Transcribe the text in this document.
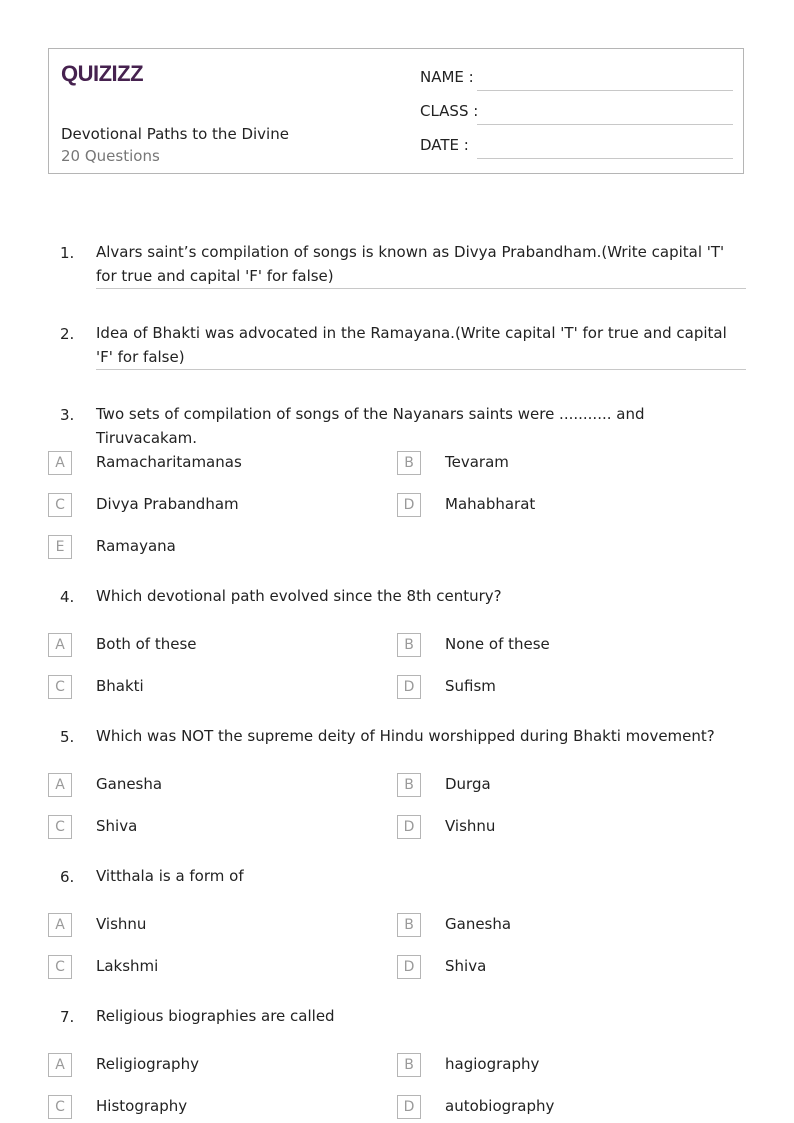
QUIZIZZ
Devotional Paths to the Divine
20 Questions
NAME :
CLASS :
DATE :
1. Alvars saint’s compilation of songs is known as Divya Prabandham.(Write capital 'T' for true and capital 'F' for false)
2. Idea of Bhakti was advocated in the Ramayana.(Write capital 'T' for true and capital 'F' for false)
3. Two sets of compilation of songs of the Nayanars saints were ........... and Tiruvacakam.
A	Ramacharitamanas	B	Tevaram
C	Divya Prabandham	D	Mahabharat
E	Ramayana
4. Which devotional path evolved since the 8th century?
A	Both of these	B	None of these
C	Bhakti	D	Sufism
5. Which was NOT the supreme deity of Hindu worshipped during Bhakti movement?
A	Ganesha	B	Durga
C	Shiva	D	Vishnu
6. Vitthala is a form of
A	Vishnu	B	Ganesha
C	Lakshmi	D	Shiva
7. Religious biographies are called
A	Religiography	B	hagiography
C	Histography	D	autobiography
